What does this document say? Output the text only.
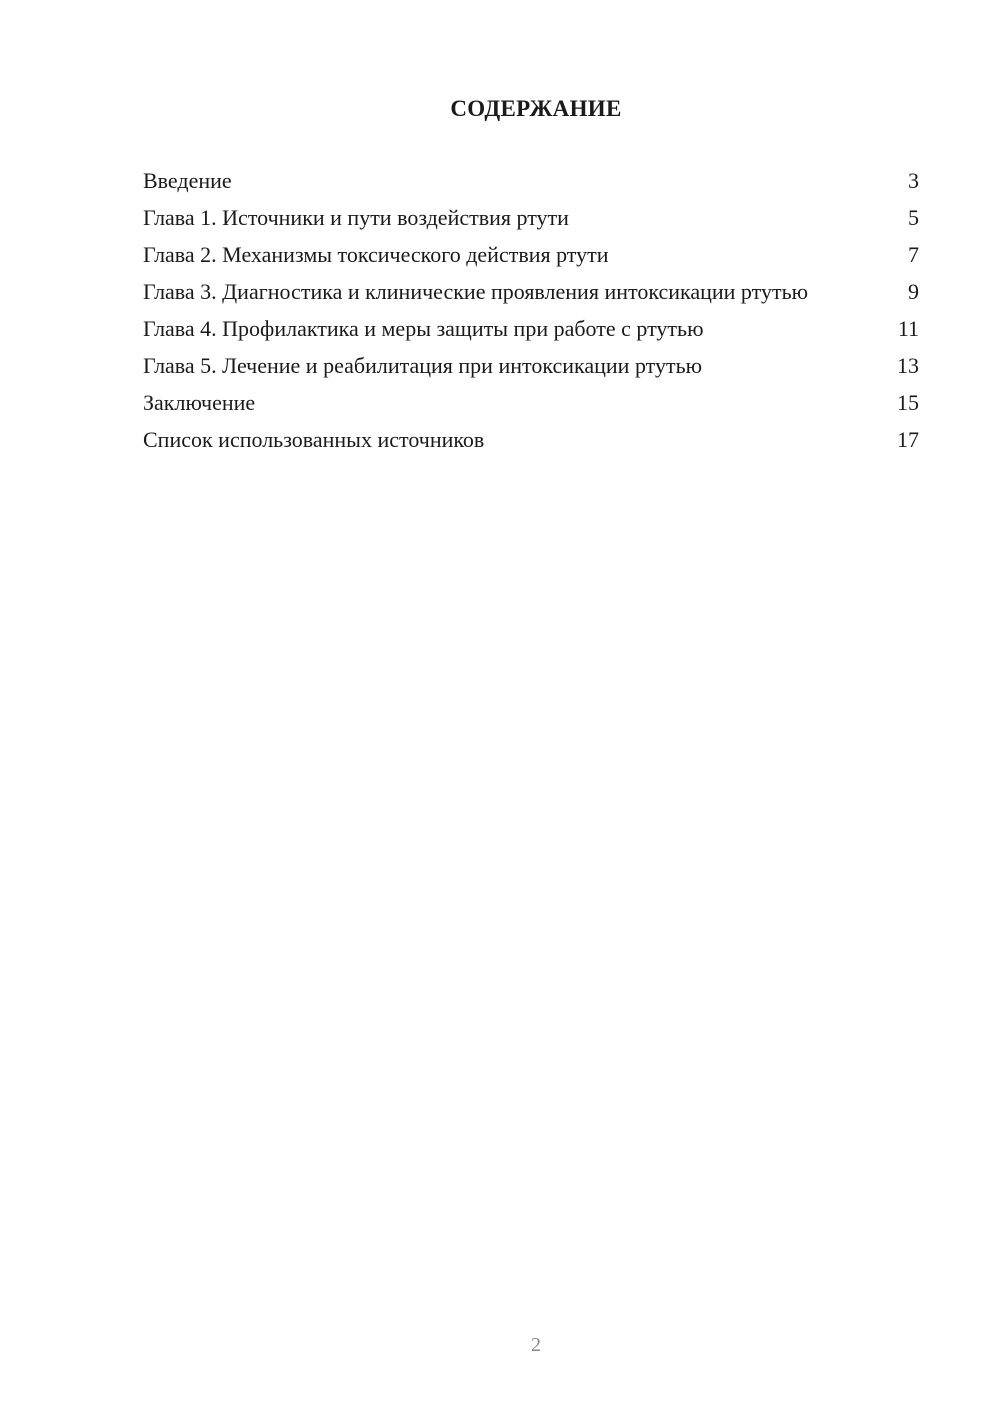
СОДЕРЖАНИЕ
Введение	3
Глава 1. Источники и пути воздействия ртути	5
Глава 2. Механизмы токсического действия ртути	7
Глава 3. Диагностика и клинические проявления интоксикации ртутью	9
Глава 4. Профилактика и меры защиты при работе с ртутью	11
Глава 5. Лечение и реабилитация при интоксикации ртутью	13
Заключение	15
Список использованных источников	17
2
